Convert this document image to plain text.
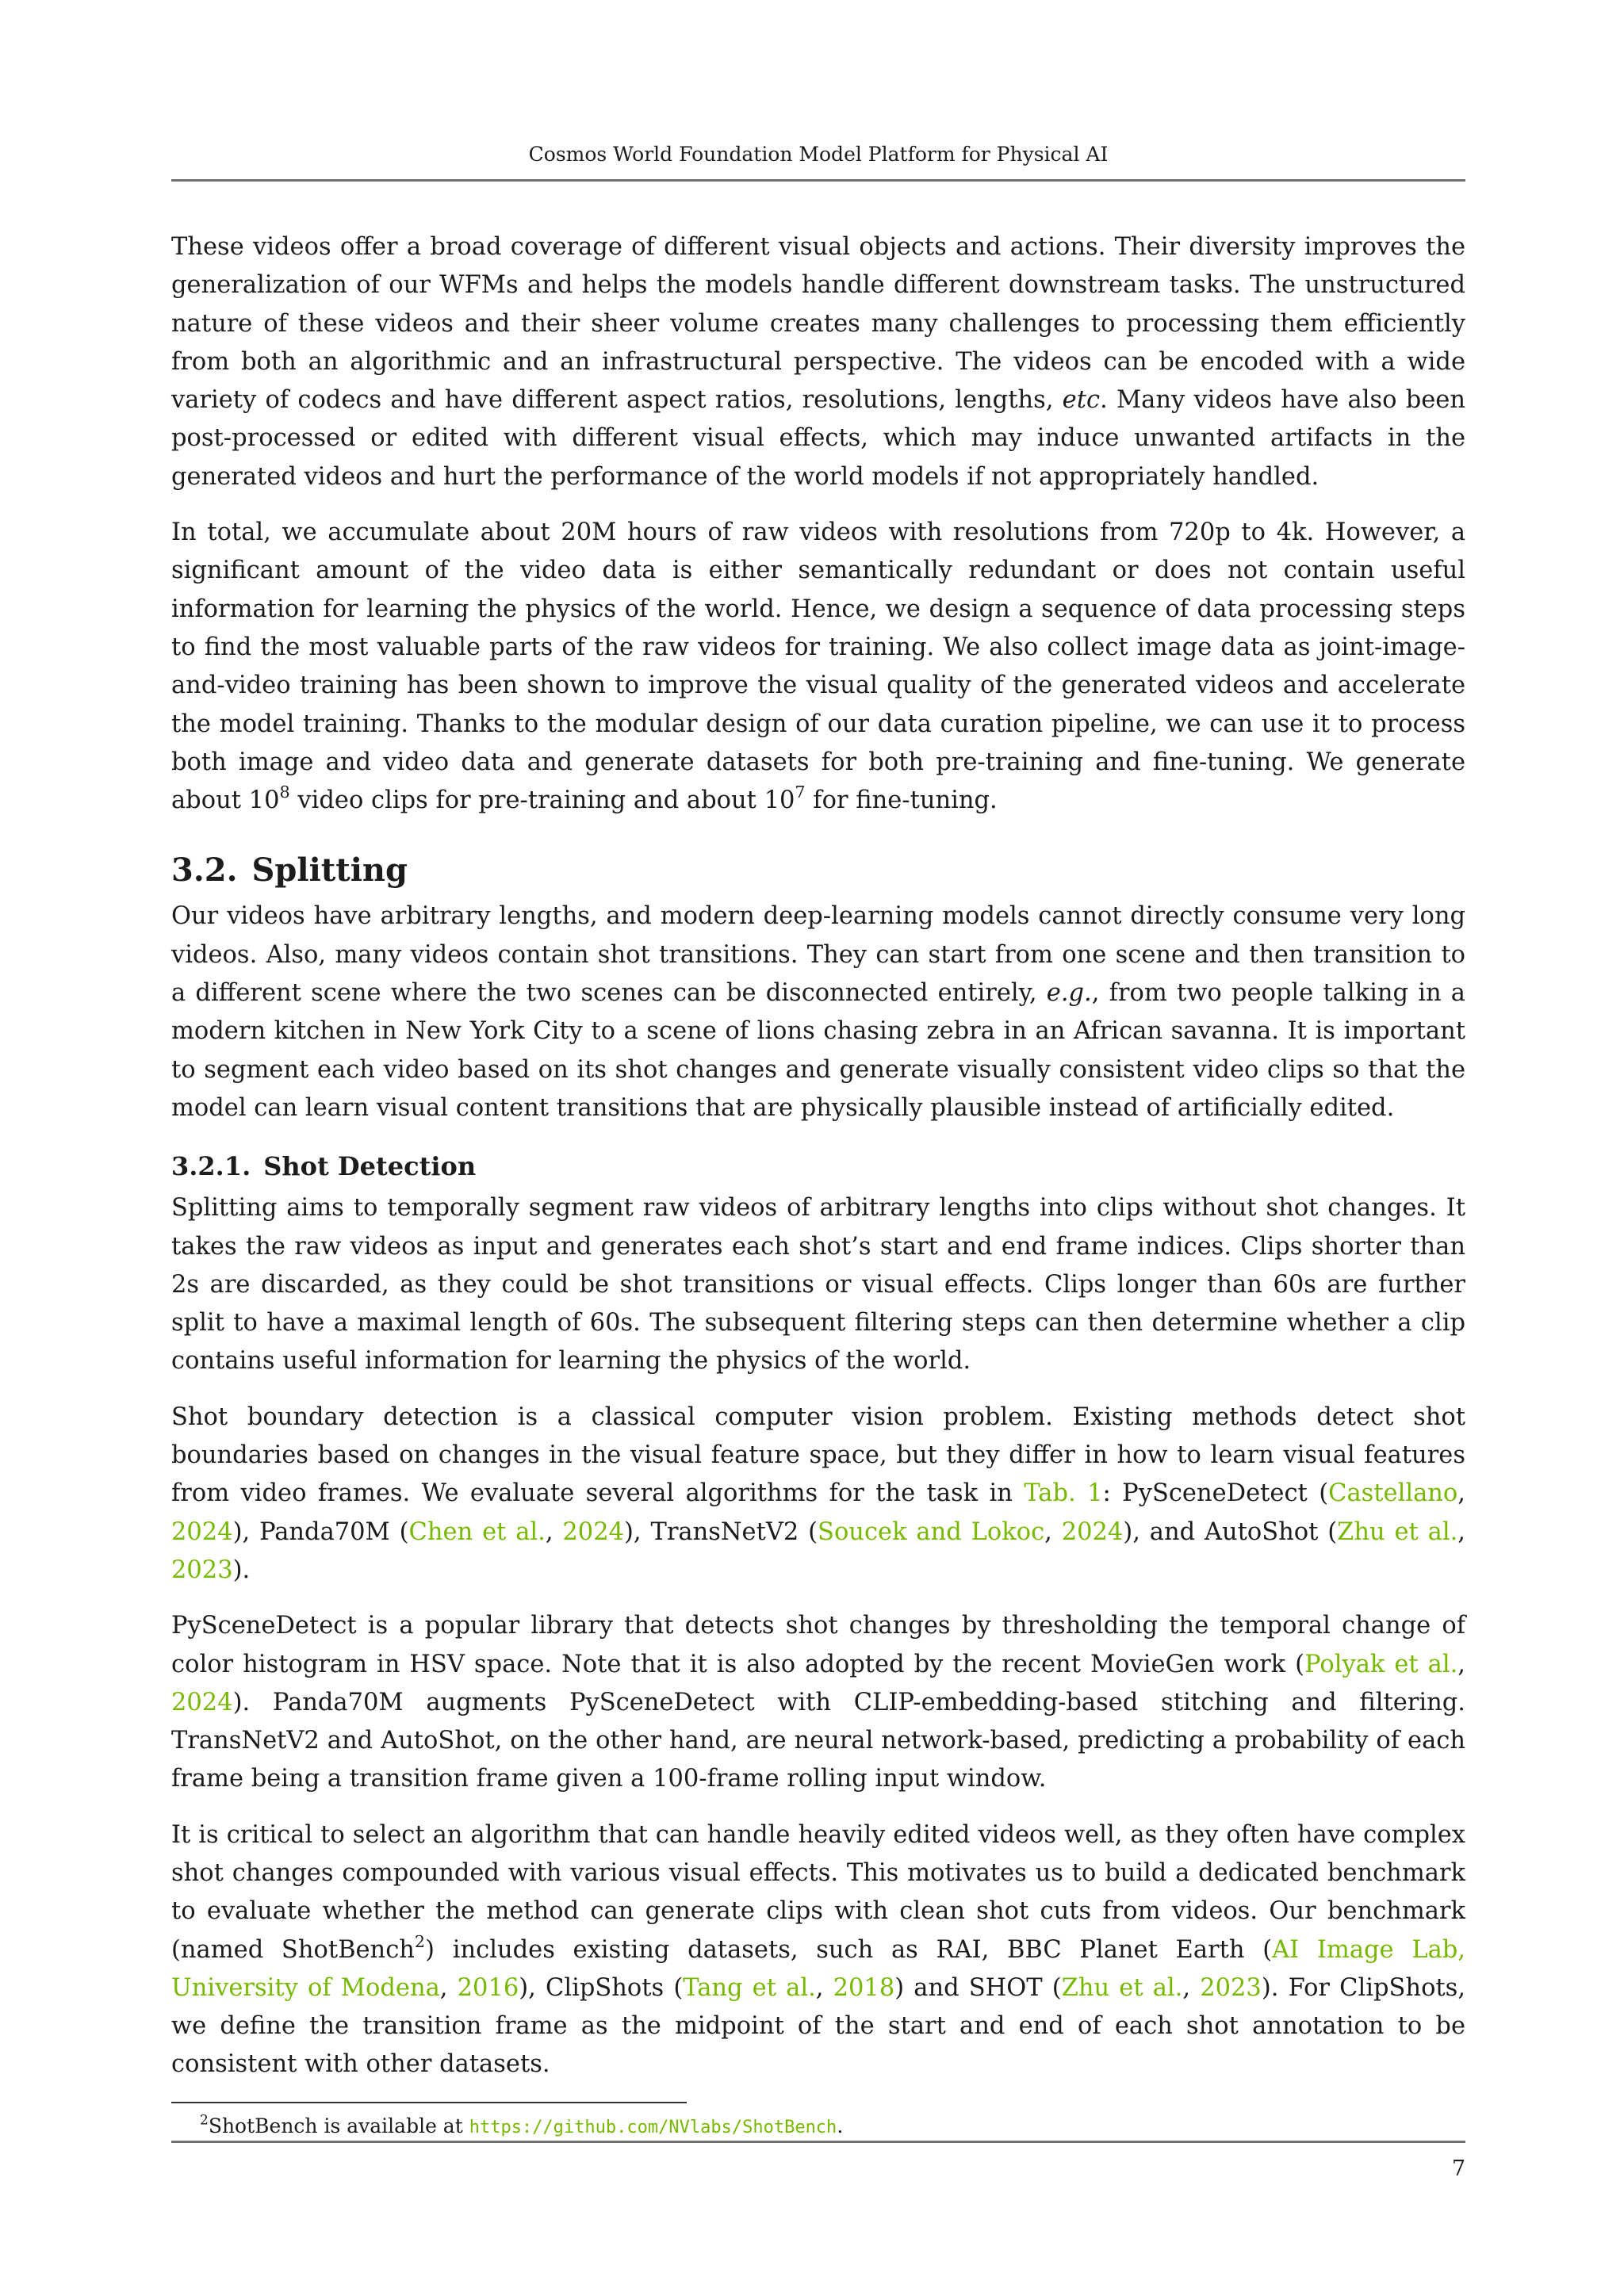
Cosmos World Foundation Model Platform for Physical AI

These videos offer a broad coverage of different visual objects and actions. Their diversity improves the generalization of our WFMs and helps the models handle different downstream tasks. The unstructured nature of these videos and their sheer volume creates many challenges to processing them efficiently from both an algorithmic and an infrastructural perspective. The videos can be encoded with a wide variety of codecs and have different aspect ratios, resolutions, lengths, etc. Many videos have also been post-processed or edited with different visual effects, which may induce unwanted artifacts in the generated videos and hurt the performance of the world models if not appropriately handled.

In total, we accumulate about 20M hours of raw videos with resolutions from 720p to 4k. However, a significant amount of the video data is either semantically redundant or does not contain useful information for learning the physics of the world. Hence, we design a sequence of data processing steps to find the most valuable parts of the raw videos for training. We also collect image data as joint-image-and-video training has been shown to improve the visual quality of the generated videos and accelerate the model training. Thanks to the modular design of our data curation pipeline, we can use it to process both image and video data and generate datasets for both pre-training and fine-tuning. We generate about $10^8$ video clips for pre-training and about $10^7$ for fine-tuning.

3.2. Splitting

Our videos have arbitrary lengths, and modern deep-learning models cannot directly consume very long videos. Also, many videos contain shot transitions. They can start from one scene and then transition to a different scene where the two scenes can be disconnected entirely, e.g., from two people talking in a modern kitchen in New York City to a scene of lions chasing zebra in an African savanna. It is important to segment each video based on its shot changes and generate visually consistent video clips so that the model can learn visual content transitions that are physically plausible instead of artificially edited.

3.2.1. Shot Detection

Splitting aims to temporally segment raw videos of arbitrary lengths into clips without shot changes. It takes the raw videos as input and generates each shot’s start and end frame indices. Clips shorter than 2s are discarded, as they could be shot transitions or visual effects. Clips longer than 60s are further split to have a maximal length of 60s. The subsequent filtering steps can then determine whether a clip contains useful information for learning the physics of the world.

Shot boundary detection is a classical computer vision problem. Existing methods detect shot boundaries based on changes in the visual feature space, but they differ in how to learn visual features from video frames. We evaluate several algorithms for the task in Tab. 1: PySceneDetect (Castellano, 2024), Panda70M (Chen et al., 2024), TransNetV2 (Soucek and Lokoc, 2024), and AutoShot (Zhu et al., 2023).

PySceneDetect is a popular library that detects shot changes by thresholding the temporal change of color histogram in HSV space. Note that it is also adopted by the recent MovieGen work (Polyak et al., 2024). Panda70M augments PySceneDetect with CLIP-embedding-based stitching and filtering. TransNetV2 and AutoShot, on the other hand, are neural network-based, predicting a probability of each frame being a transition frame given a 100-frame rolling input window.

It is critical to select an algorithm that can handle heavily edited videos well, as they often have complex shot changes compounded with various visual effects. This motivates us to build a dedicated benchmark to evaluate whether the method can generate clips with clean shot cuts from videos. Our benchmark (named ShotBench$^2$) includes existing datasets, such as RAI, BBC Planet Earth (AI Image Lab, University of Modena, 2016), ClipShots (Tang et al., 2018) and SHOT (Zhu et al., 2023). For ClipShots, we define the transition frame as the midpoint of the start and end of each shot annotation to be consistent with other datasets.

$^2$ShotBench is available at https://github.com/NVlabs/ShotBench.
7
